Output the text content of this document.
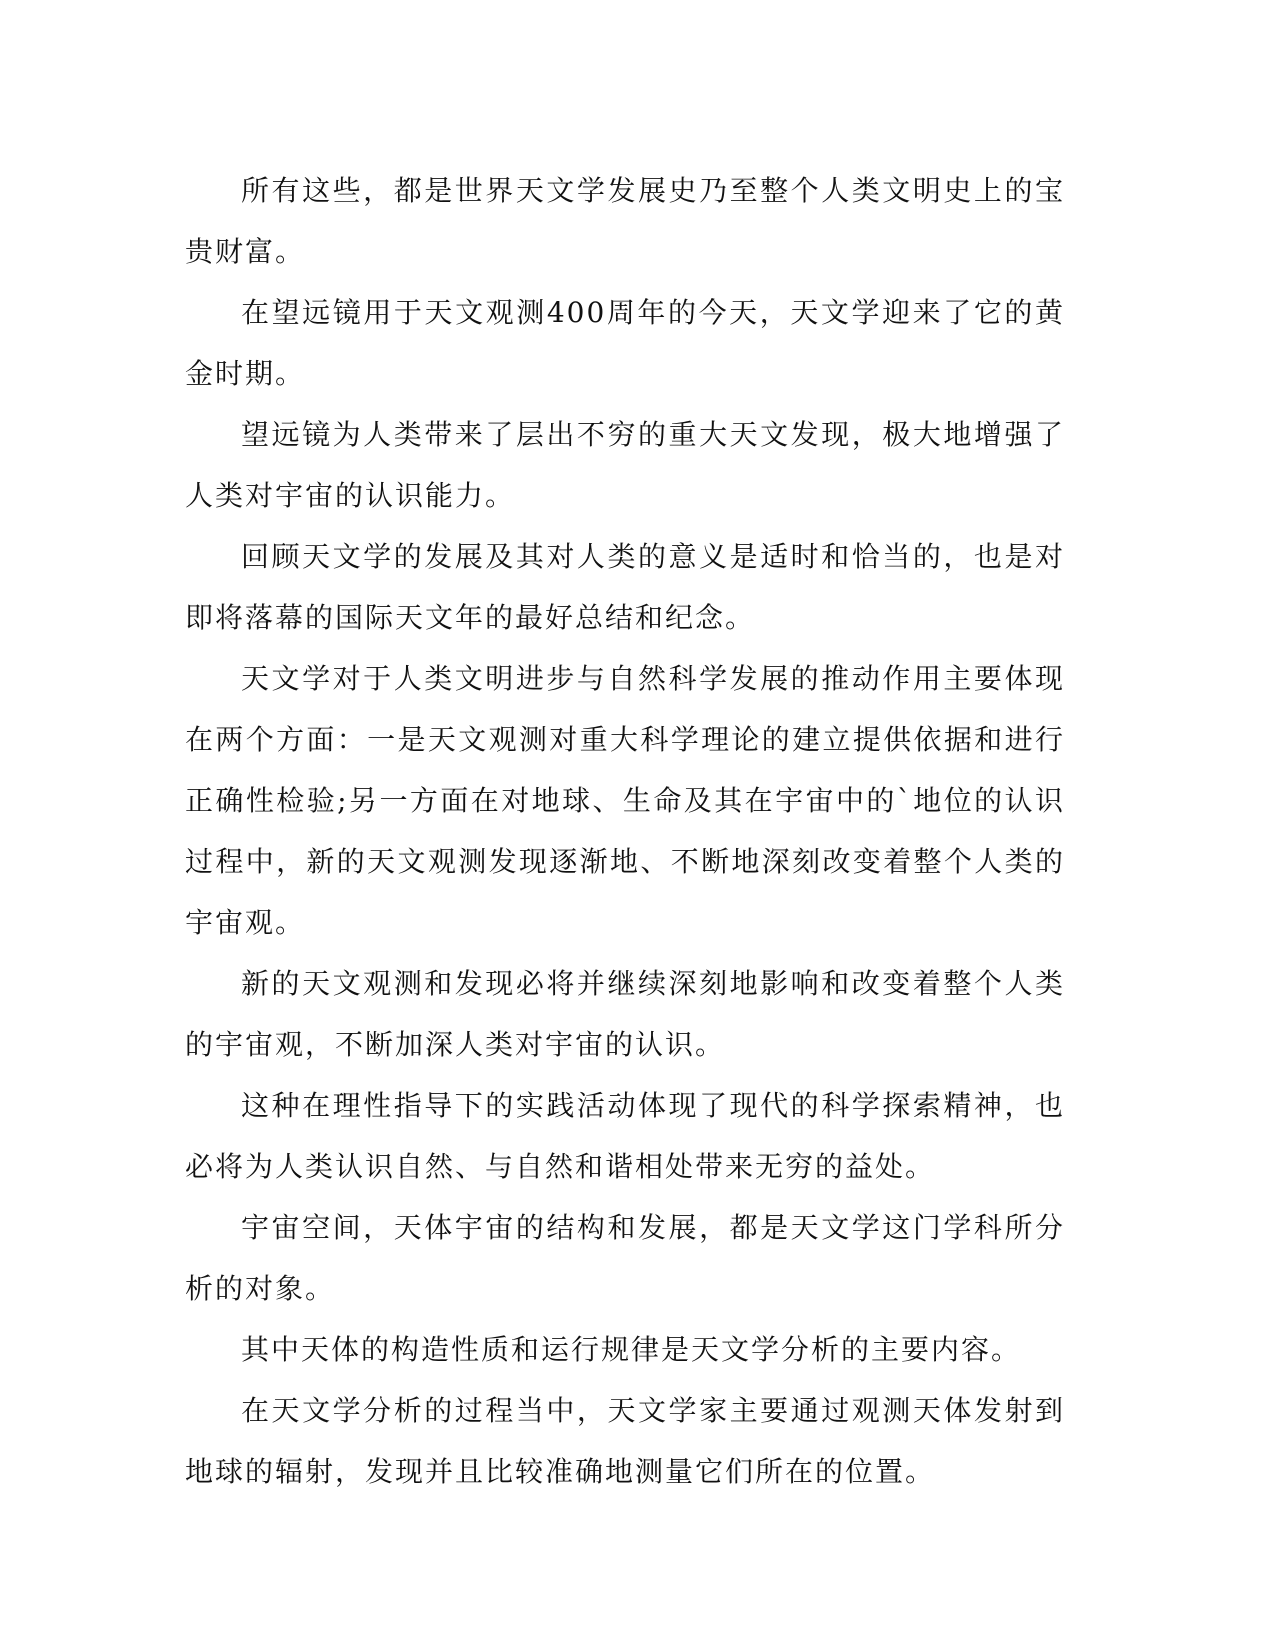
所有这些，都是世界天文学发展史乃至整个人类文明史上的宝贵财富。

在望远镜用于天文观测400周年的今天，天文学迎来了它的黄金时期。

望远镜为人类带来了层出不穷的重大天文发现，极大地增强了人类对宇宙的认识能力。

回顾天文学的发展及其对人类的意义是适时和恰当的，也是对即将落幕的国际天文年的最好总结和纪念。

天文学对于人类文明进步与自然科学发展的推动作用主要体现在两个方面：一是天文观测对重大科学理论的建立提供依据和进行正确性检验;另一方面在对地球、生命及其在宇宙中的`地位的认识过程中，新的天文观测发现逐渐地、不断地深刻改变着整个人类的宇宙观。

新的天文观测和发现必将并继续深刻地影响和改变着整个人类的宇宙观，不断加深人类对宇宙的认识。

这种在理性指导下的实践活动体现了现代的科学探索精神，也必将为人类认识自然、与自然和谐相处带来无穷的益处。

宇宙空间，天体宇宙的结构和发展，都是天文学这门学科所分析的对象。

其中天体的构造性质和运行规律是天文学分析的主要内容。

在天文学分析的过程当中，天文学家主要通过观测天体发射到地球的辐射，发现并且比较准确地测量它们所在的位置。
